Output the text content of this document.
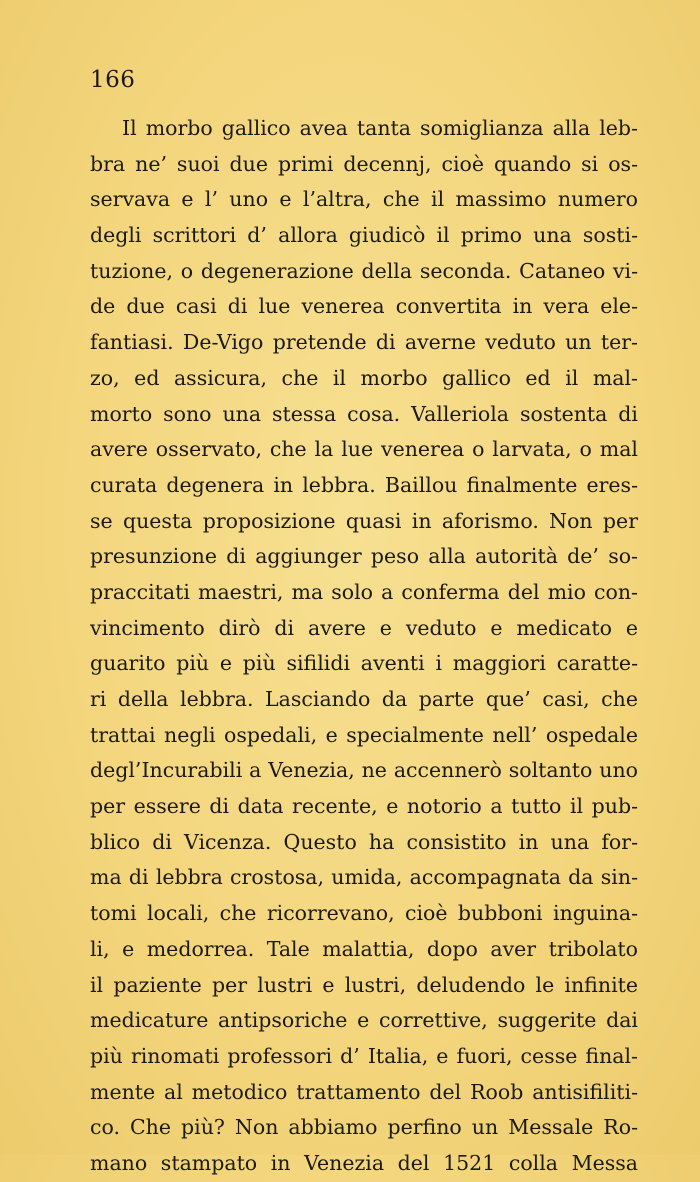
166
Il morbo gallico avea tanta somiglianza alla leb-
bra ne’ suoi due primi decennj, cioè quando si os-
servava e l’ uno e l’altra, che il massimo numero
degli scrittori d’ allora giudicò il primo una sosti-
tuzione, o degenerazione della seconda. Cataneo vi-
de due casi di lue venerea convertita in vera ele-
fantiasi. De-Vigo pretende di averne veduto un ter-
zo, ed assicura, che il morbo gallico ed il mal-
morto sono una stessa cosa. Valleriola sostenta di
avere osservato, che la lue venerea o larvata, o mal
curata degenera in lebbra. Baillou finalmente eres-
se questa proposizione quasi in aforismo. Non per
presunzione di aggiunger peso alla autorità de’ so-
praccitati maestri, ma solo a conferma del mio con-
vincimento dirò di avere e veduto e medicato e
guarito più e più sifilidi aventi i maggiori caratte-
ri della lebbra. Lasciando da parte que’ casi, che
trattai negli ospedali, e specialmente nell’ ospedale
degl’Incurabili a Venezia, ne accennerò soltanto uno
per essere di data recente, e notorio a tutto il pub-
blico di Vicenza. Questo ha consistito in una for-
ma di lebbra crostosa, umida, accompagnata da sin-
tomi locali, che ricorrevano, cioè bubboni inguina-
li, e medorrea. Tale malattia, dopo aver tribolato
il paziente per lustri e lustri, deludendo le infinite
medicature antipsoriche e correttive, suggerite dai
più rinomati professori d’ Italia, e fuori, cesse final-
mente al metodico trattamento del Roob antisifiliti-
co. Che più? Non abbiamo perfino un Messale Ro-
mano stampato in Venezia del 1521 colla Messa
